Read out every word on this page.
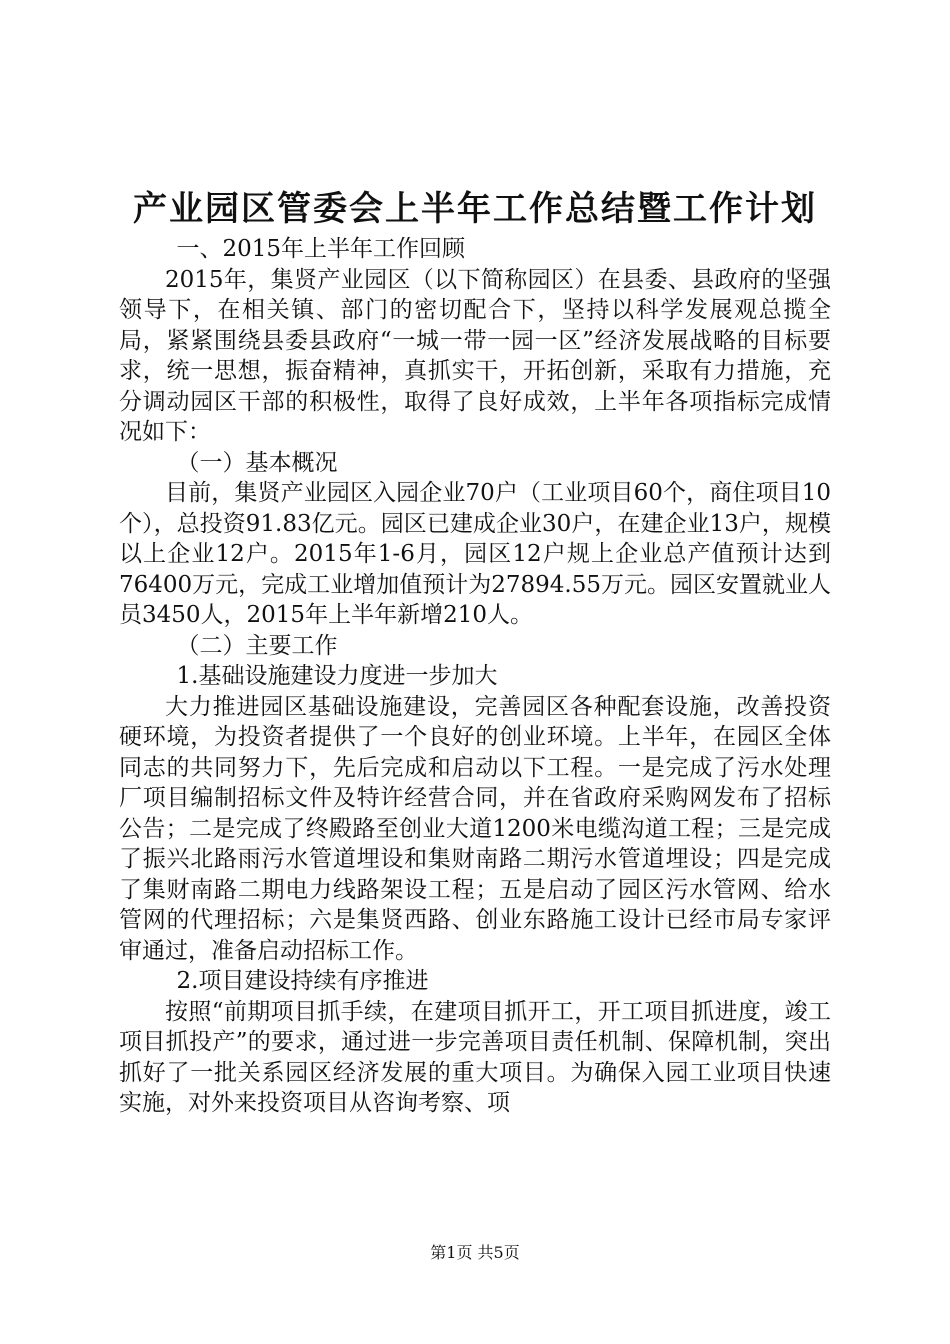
产业园区管委会上半年工作总结暨工作计划

一、2015年上半年工作回顾

2015年，集贤产业园区（以下简称园区）在县委、县政府的坚强领导下，在相关镇、部门的密切配合下，坚持以科学发展观总揽全局，紧紧围绕县委县政府“一城一带一园一区”经济发展战略的目标要求，统一思想，振奋精神，真抓实干，开拓创新，采取有力措施，充分调动园区干部的积极性，取得了良好成效，上半年各项指标完成情况如下：

（一）基本概况

目前，集贤产业园区入园企业70户（工业项目60个，商住项目10个），总投资91.83亿元。园区已建成企业30户，在建企业13户，规模以上企业12户。2015年1-6月，园区12户规上企业总产值预计达到76400万元，完成工业增加值预计为27894.55万元。园区安置就业人员3450人，2015年上半年新增210人。

（二）主要工作

1.基础设施建设力度进一步加大

大力推进园区基础设施建设，完善园区各种配套设施，改善投资硬环境，为投资者提供了一个良好的创业环境。上半年，在园区全体同志的共同努力下，先后完成和启动以下工程。一是完成了污水处理厂项目编制招标文件及特许经营合同，并在省政府采购网发布了招标公告；二是完成了终殿路至创业大道1200米电缆沟道工程；三是完成了振兴北路雨污水管道埋设和集财南路二期污水管道埋设；四是完成了集财南路二期电力线路架设工程；五是启动了园区污水管网、给水管网的代理招标；六是集贤西路、创业东路施工设计已经市局专家评审通过，准备启动招标工作。

2.项目建设持续有序推进

按照“前期项目抓手续，在建项目抓开工，开工项目抓进度，竣工项目抓投产”的要求，通过进一步完善项目责任机制、保障机制，突出抓好了一批关系园区经济发展的重大项目。为确保入园工业项目快速实施，对外来投资项目从咨询考察、项

第1页 共5页
